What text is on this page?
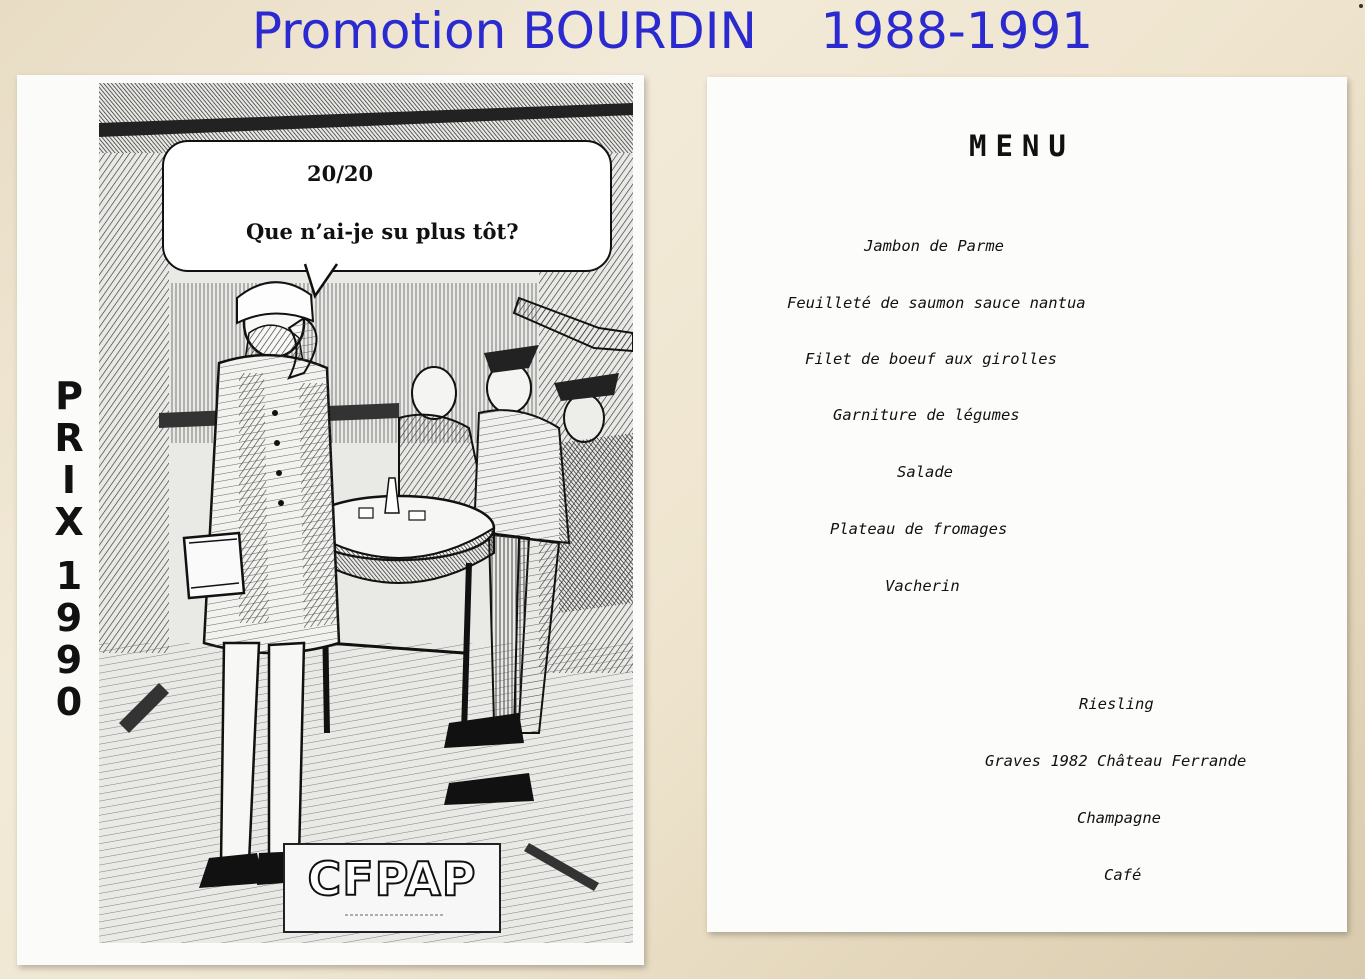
Promotion BOURDIN    1988-1991
20/20
Que n’ai-je su plus tôt?
P
R
I
X
1
9
9
0
CFPAP
MENU
Jambon de Parme
Feuilleté de saumon sauce nantua
Filet de boeuf aux girolles
Garniture de légumes
Salade
Plateau de fromages
Vacherin
Riesling
Graves 1982 Château Ferrande
Champagne
Café
